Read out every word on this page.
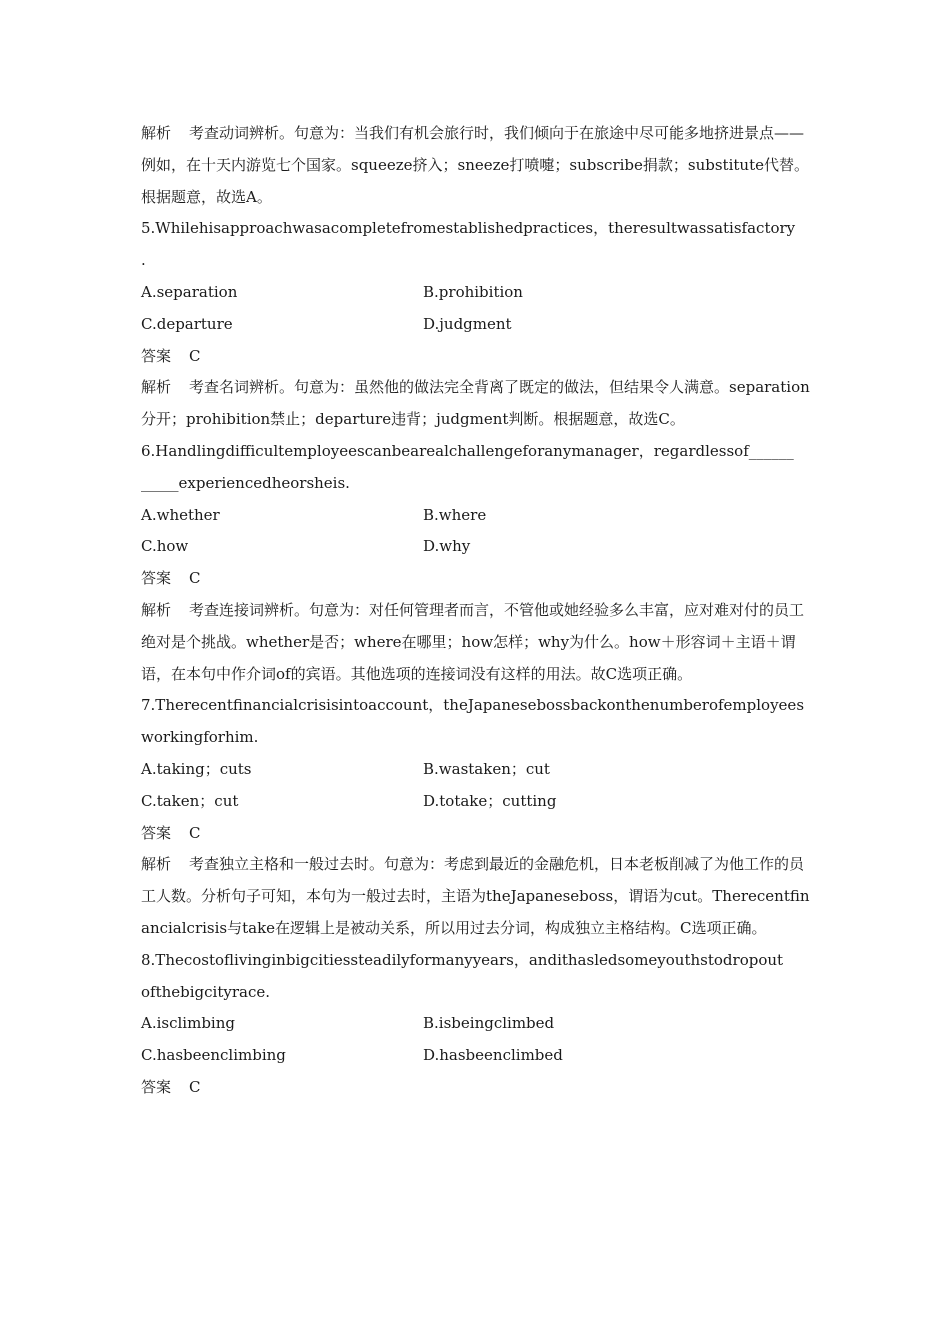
解析 考查动词辨析。句意为：当我们有机会旅行时，我们倾向于在旅途中尽可能多地挤进景点——例如，在十天内游览七个国家。squeeze挤入；sneeze打喷嚏；subscribe捐款；substitute代替。根据题意，故选A。
5.Whilehisapproachwasacompletefromestablishedpractices，theresultwassatisfactory
.
A.separation	B.prohibition
C.departure	D.judgment
答案 C
解析 考查名词辨析。句意为：虽然他的做法完全背离了既定的做法，但结果令人满意。separation分开；prohibition禁止；departure违背；judgment判断。根据题意，故选C。
6.Handlingdifficultemployeescanbearealchallengeforanymanager，regardlessof______
_____experiencedheorsheis.
A.whether	B.where
C.how	D.why
答案 C
解析 考查连接词辨析。句意为：对任何管理者而言，不管他或她经验多么丰富，应对难对付的员工绝对是个挑战。whether是否；where在哪里；how怎样；why为什么。how＋形容词＋主语＋谓语，在本句中作介词of的宾语。其他选项的连接词没有这样的用法。故C选项正确。
7.Therecentfinancialcrisisintoaccount，theJapanesebossbackonthenumberofemployees
workingforhim.
A.taking；cuts	B.wastaken；cut
C.taken；cut	D.totake；cutting
答案 C
解析 考查独立主格和一般过去时。句意为：考虑到最近的金融危机，日本老板削减了为他工作的员工人数。分析句子可知，本句为一般过去时，主语为theJapaneseboss，谓语为cut。Therecentfinancialcrisis与take在逻辑上是被动关系，所以用过去分词，构成独立主格结构。C选项正确。
8.Thecostoflivinginbigcitiessteadilyformanyyears，andithasledsomeyouthstodropout
ofthebigcityrace.
A.isclimbing	B.isbeingclimbed
C.hasbeenclimbing	D.hasbeenclimbed
答案 C
